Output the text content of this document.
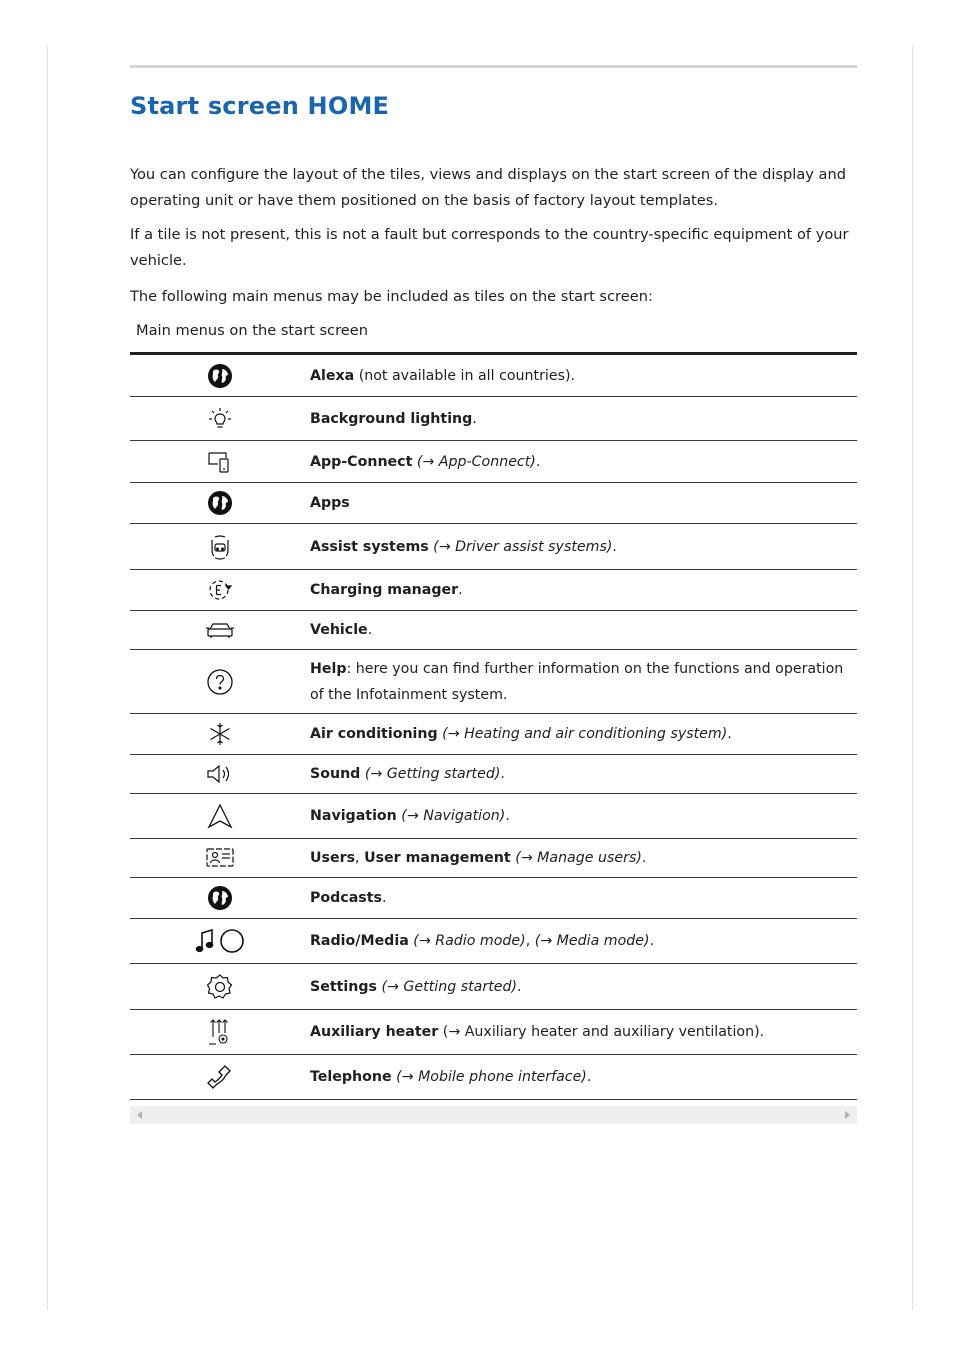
Start screen HOME

You can configure the layout of the tiles, views and displays on the start screen of the display and operating unit or have them positioned on the basis of factory layout templates.

If a tile is not present, this is not a fault but corresponds to the country-specific equipment of your vehicle.

The following main menus may be included as tiles on the start screen:

Main menus on the start screen
	Alexa (not available in all countries).
	Background lighting.
	App-Connect (→ App-Connect).
	Apps
	Assist systems (→ Driver assist systems).
	Charging manager.
	Vehicle.
	Help: here you can find further information on the functions and operation of the Infotainment system.
	Air conditioning (→ Heating and air conditioning system).
	Sound (→ Getting started).
	Navigation (→ Navigation).
	Users, User management (→ Manage users).
	Podcasts.
	Radio/Media (→ Radio mode), (→ Media mode).
	Settings (→ Getting started).
	Auxiliary heater (→ Auxiliary heater and auxiliary ventilation).
	Telephone (→ Mobile phone interface).
